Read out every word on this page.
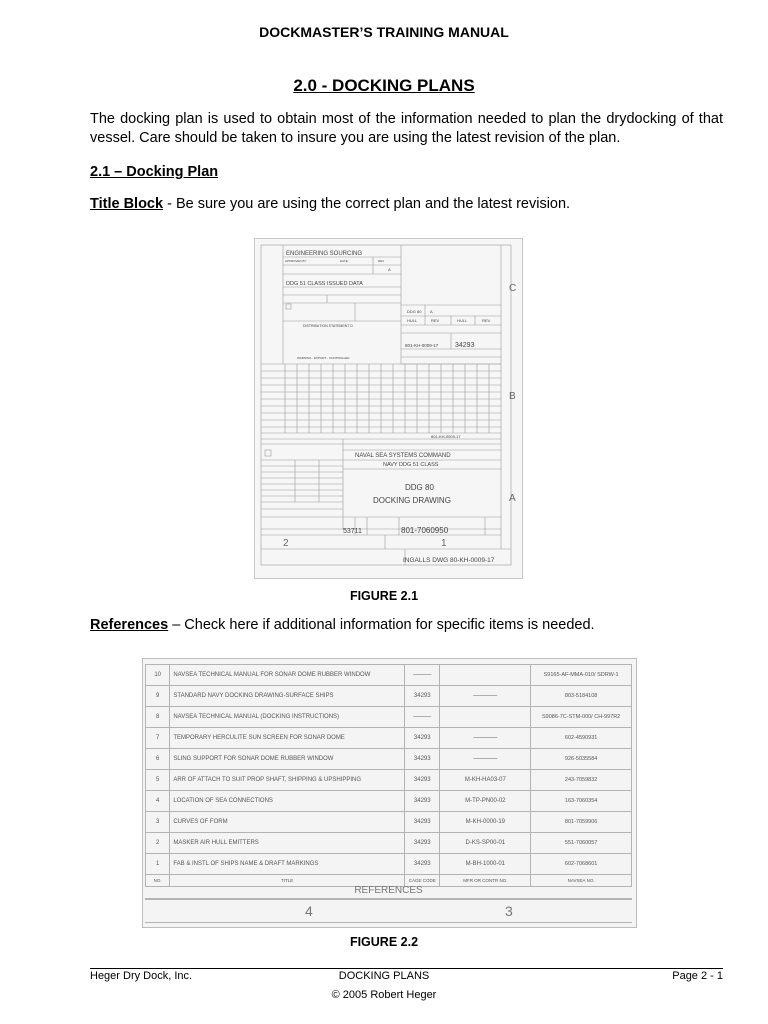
DOCKMASTER’S TRAINING MANUAL
2.0 - DOCKING PLANS
The docking plan is used to obtain most of the information needed to plan the drydocking of that vessel. Care should be taken to insure you are using the latest revision of the plan.
2.1 – Docking Plan
Title Block - Be sure you are using the correct plan and the latest revision.
ENGINEERING SOURCING
APPROVED BY	DATE	REV
A
DDG 51 CLASS ISSUED DATA
DDG 80 A
HULL	REV	HULL	REV
DISTRIBUTION STATEMENT D
WARNING - EXPORT - CONTROLLED
801-KH-0009-17 34293
801-KH-0009-17
NAVAL SEA SYSTEMS COMMAND
NAVY DDG 51 CLASS
DDG 80
DOCKING DRAWING
53711	801-7060950
INGALLS DWG 80-KH-0009-17
C
B
A
2	1
FIGURE 2.1
References – Check here if additional information for specific items is needed.
10	NAVSEA TECHNICAL MANUAL FOR SONAR DOME RUBBER WINDOW	———		S9165-AF-MMA-010/ SDRW-1
9	STANDARD NAVY DOCKING DRAWING-SURFACE SHIPS	34293	————	803-5184108
8	NAVSEA TECHNICAL MANUAL (DOCKING INSTRUCTIONS)	———		S9086-7C-STM-000/ CH-997R2
7	TEMPORARY HERCULITE SUN SCREEN FOR SONAR DOME	34293	————	602-4590931
6	SLING SUPPORT FOR SONAR DOME RUBBER WINDOW	34293	————	926-5035584
5	ARR OF ATTACH TO SUIT PROP SHAFT, SHIPPING & UPSHIPPING	34293	M-KH-HA03-07	243-7059832
4	LOCATION OF SEA CONNECTIONS	34293	M-TP-PN00-02	163-7060354
3	CURVES OF FORM	34293	M-KH-0000-19	801-7059906
2	MASKER AIR HULL EMITTERS	34293	D-KS-SP00-01	551-7060057
1	FAB & INSTL OF SHIPS NAME & DRAFT MARKINGS	34293	M-BH-1000-01	602-7068601
NO.	TITLE	CAGE CODE	MFR OR CONTR NO.	NAVSEA NO.
REFERENCES
4	3
FIGURE 2.2
Heger Dry Dock, Inc.	DOCKING PLANS	Page 2 - 1
© 2005 Robert Heger
